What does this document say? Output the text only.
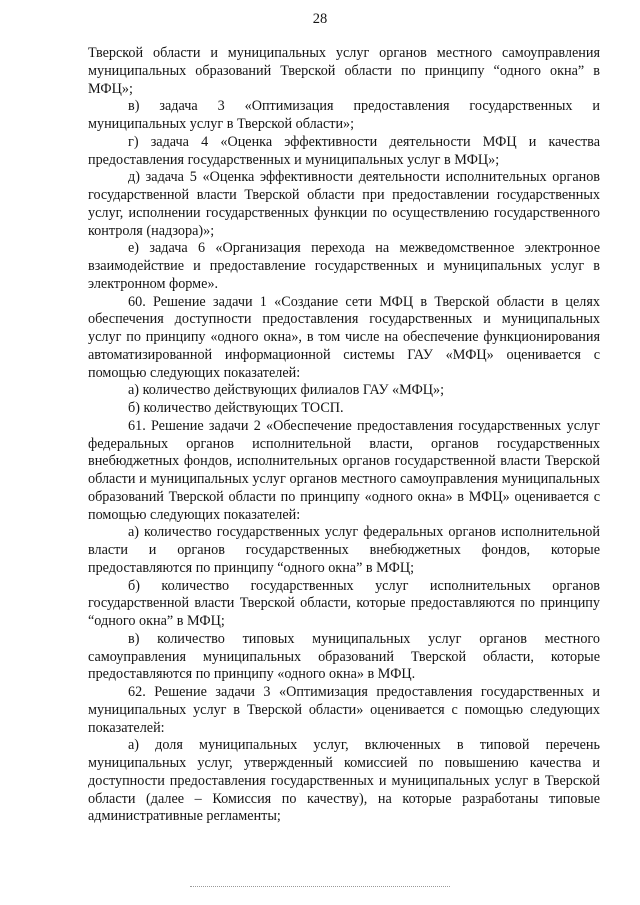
28

Тверской области и муниципальных услуг органов местного самоуправления муниципальных образований Тверской области по принципу “одного окна” в МФЦ»;

в) задача 3 «Оптимизация предоставления государственных и муниципальных услуг в Тверской области»;

г) задача 4 «Оценка эффективности деятельности МФЦ и качества предоставления государственных и муниципальных услуг в МФЦ»;

д) задача 5 «Оценка эффективности деятельности исполнительных органов государственной власти Тверской области при предоставлении государственных услуг, исполнении государственных функции по осуществлению государственного контроля (надзора)»;

е) задача 6 «Организация перехода на межведомственное электронное взаимодействие и предоставление государственных и муниципальных услуг в электронном форме».

60. Решение задачи 1 «Создание сети МФЦ в Тверской области в целях обеспечения доступности предоставления государственных и муниципальных услуг по принципу «одного окна», в том числе на обеспечение функционирования автоматизированной информационной системы ГАУ «МФЦ» оценивается с помощью следующих показателей:

а) количество действующих филиалов ГАУ «МФЦ»;

б) количество действующих ТОСП.

61. Решение задачи 2 «Обеспечение предоставления государственных услуг федеральных органов исполнительной власти, органов государственных внебюджетных фондов, исполнительных органов государственной власти Тверской области и муниципальных услуг органов местного самоуправления муниципальных образований Тверской области по принципу «одного окна» в МФЦ» оценивается с помощью следующих показателей:

а) количество государственных услуг федеральных органов исполнительной власти и органов государственных внебюджетных фондов, которые предоставляются по принципу “одного окна” в МФЦ;

б) количество государственных услуг исполнительных органов государственной власти Тверской области, которые предоставляются по принципу “одного окна” в МФЦ;

в) количество типовых муниципальных услуг органов местного самоуправления муниципальных образований Тверской области, которые предоставляются по принципу «одного окна» в МФЦ.

62. Решение задачи 3 «Оптимизация предоставления государственных и муниципальных услуг в Тверской области» оценивается с помощью следующих показателей:

а) доля муниципальных услуг, включенных в типовой перечень муниципальных услуг, утвержденный комиссией по повышению качества и доступности предоставления государственных и муниципальных услуг в Тверской области (далее – Комиссия по качеству), на которые разработаны типовые административные регламенты;
